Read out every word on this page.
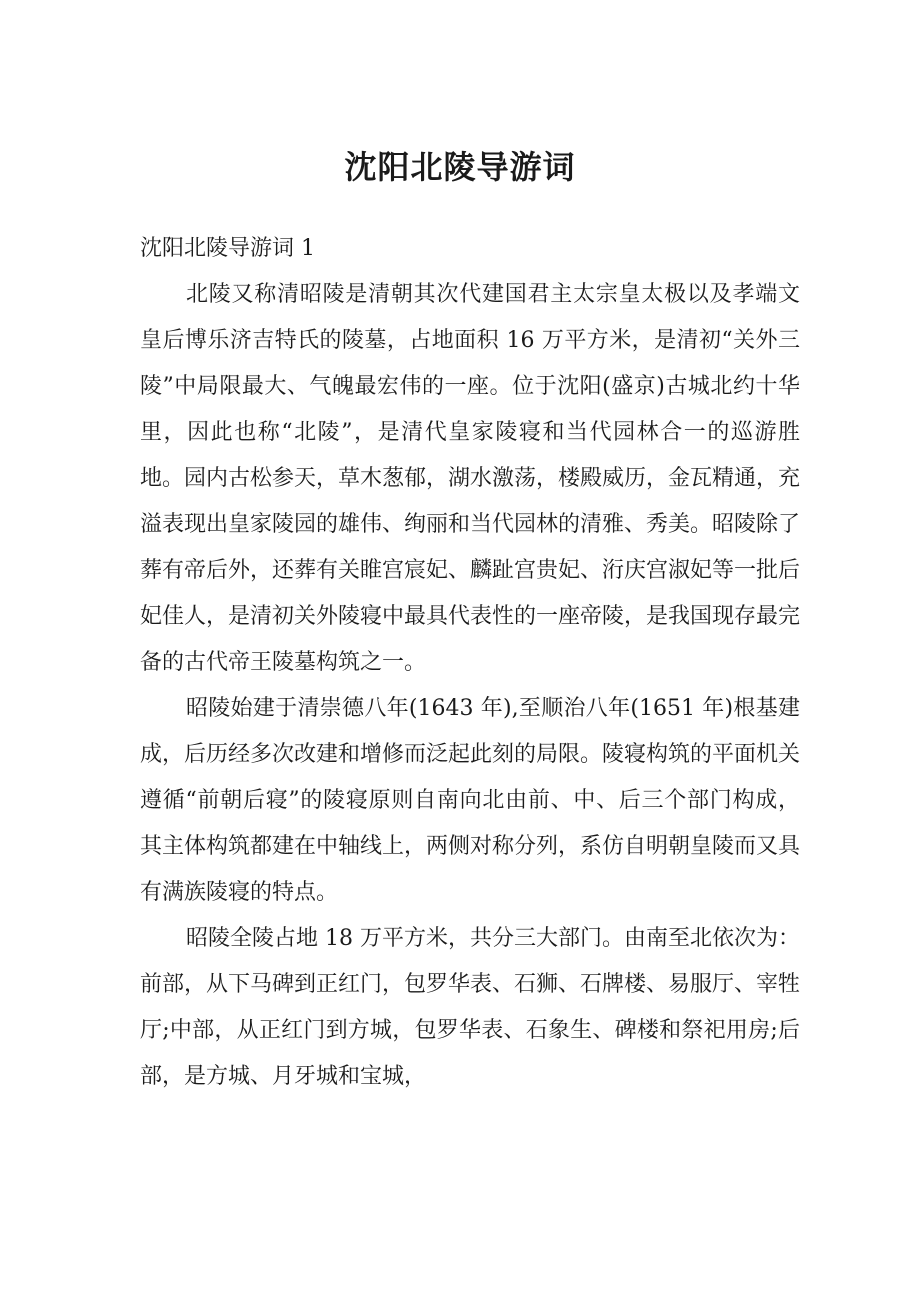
沈阳北陵导游词

沈阳北陵导游词 1

北陵又称清昭陵是清朝其次代建国君主太宗皇太极以及孝端文皇后博乐济吉特氏的陵墓，占地面积 16 万平方米，是清初“关外三陵”中局限最大、气魄最宏伟的一座。位于沈阳(盛京)古城北约十华里，因此也称“北陵”，是清代皇家陵寝和当代园林合一的巡游胜地。园内古松参天，草木葱郁，湖水激荡，楼殿威历，金瓦精通，充溢表现出皇家陵园的雄伟、绚丽和当代园林的清雅、秀美。昭陵除了葬有帝后外，还葬有关睢宫宸妃、麟趾宫贵妃、洐庆宫淑妃等一批后妃佳人，是清初关外陵寝中最具代表性的一座帝陵，是我国现存最完备的古代帝王陵墓构筑之一。

昭陵始建于清崇德八年(1643 年),至顺治八年(1651 年)根基建成，后历经多次改建和增修而泛起此刻的局限。陵寝构筑的平面机关遵循“前朝后寝”的陵寝原则自南向北由前、中、后三个部门构成，其主体构筑都建在中轴线上，两侧对称分列，系仿自明朝皇陵而又具有满族陵寝的特点。

昭陵全陵占地 18 万平方米，共分三大部门。由南至北依次为：前部，从下马碑到正红门，包罗华表、石狮、石牌楼、易服厅、宰牲厅;中部，从正红门到方城，包罗华表、石象生、碑楼和祭祀用房;后部，是方城、月牙城和宝城，
